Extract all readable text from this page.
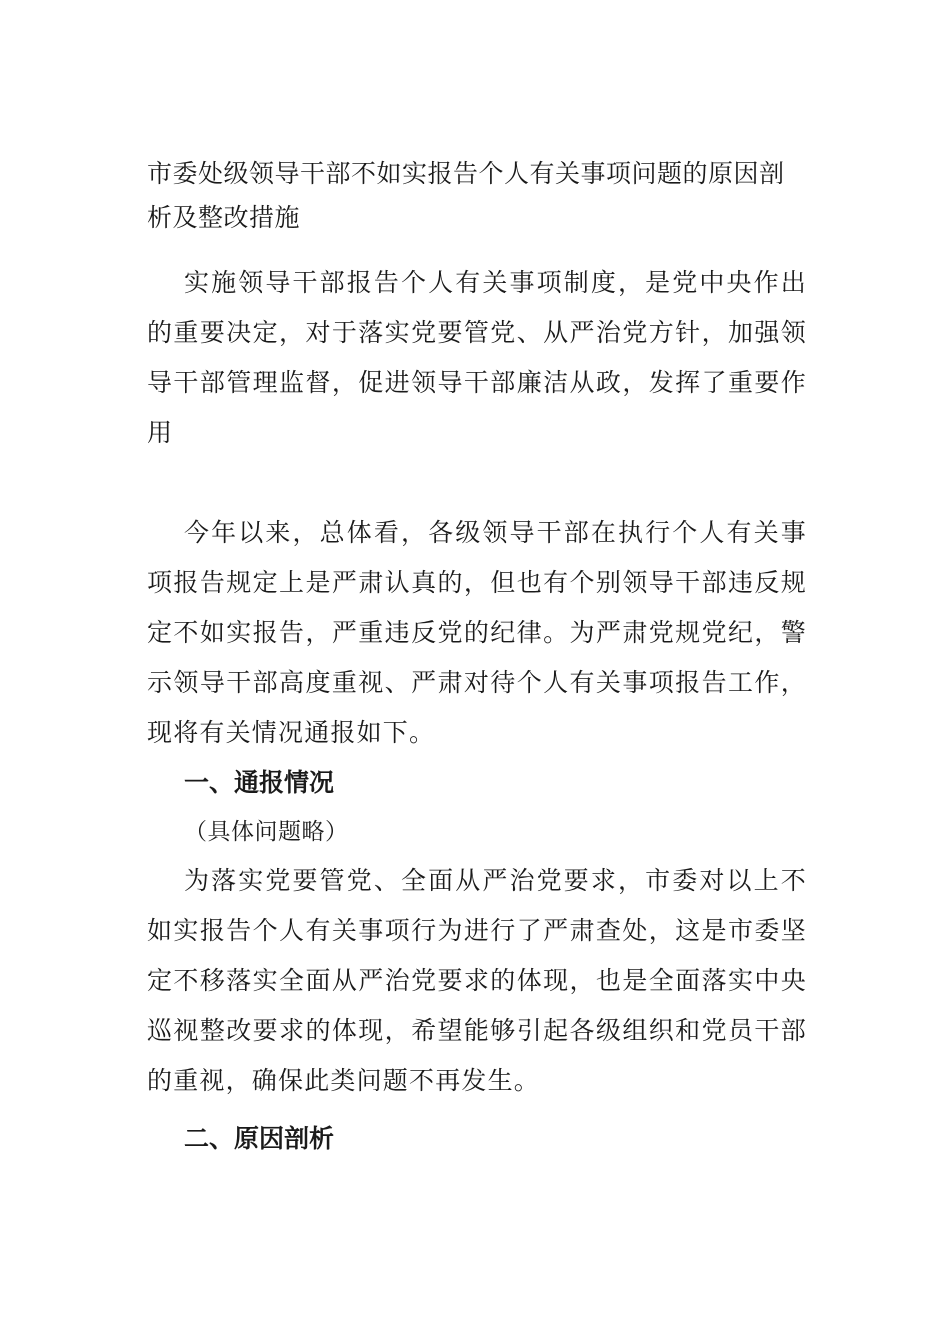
市委处级领导干部不如实报告个人有关事项问题的原因剖析及整改措施

实施领导干部报告个人有关事项制度，是党中央作出的重要决定，对于落实党要管党、从严治党方针，加强领导干部管理监督，促进领导干部廉洁从政，发挥了重要作用

今年以来，总体看，各级领导干部在执行个人有关事项报告规定上是严肃认真的，但也有个别领导干部违反规定不如实报告，严重违反党的纪律。为严肃党规党纪，警示领导干部高度重视、严肃对待个人有关事项报告工作，现将有关情况通报如下。

一、通报情况

（具体问题略）

为落实党要管党、全面从严治党要求，市委对以上不如实报告个人有关事项行为进行了严肃查处，这是市委坚定不移落实全面从严治党要求的体现，也是全面落实中央巡视整改要求的体现，希望能够引起各级组织和党员干部的重视，确保此类问题不再发生。

二、原因剖析
